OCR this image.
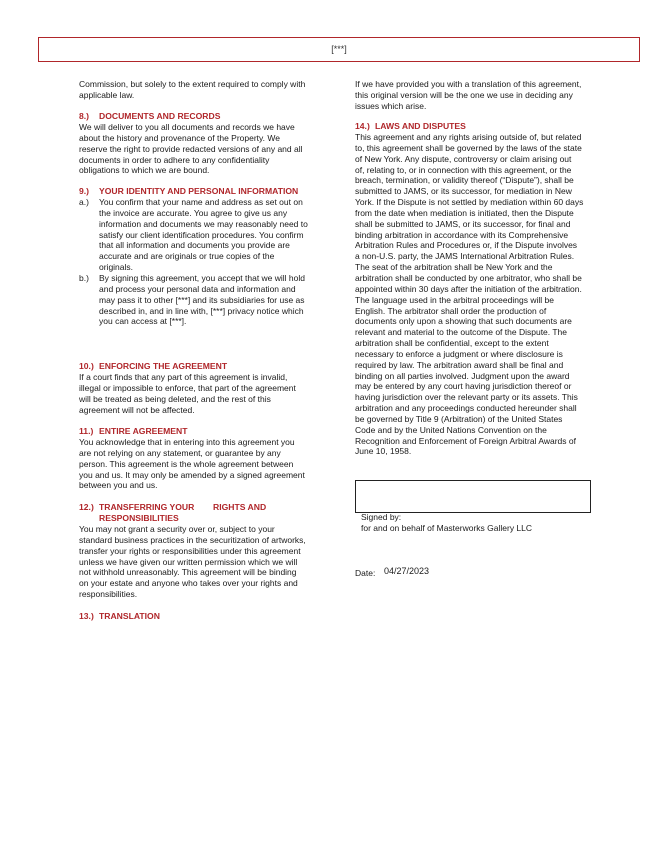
[***]
Commission, but solely to the extent required to comply with
applicable law.
8.) DOCUMENTS AND RECORDS
We will deliver to you all documents and records we have
about the history and provenance of the Property. We
reserve the right to provide redacted versions of any and all
documents in order to adhere to any confidentiality
obligations to which we are bound.
9.) YOUR IDENTITY AND PERSONAL INFORMATION
a.) You confirm that your name and address as set out on
the invoice are accurate. You agree to give us any
information and documents we may reasonably need to
satisfy our client identification procedures. You confirm
that all information and documents you provide are
accurate and are originals or true copies of the
originals.
b.) By signing this agreement, you accept that we will hold
and process your personal data and information and
may pass it to other [***] and its subsidiaries for use as
described in, and in line with, [***] privacy notice which
you can access at [***].
10.) ENFORCING THE AGREEMENT
If a court finds that any part of this agreement is invalid,
illegal or impossible to enforce, that part of the agreement
will be treated as being deleted, and the rest of this
agreement will not be affected.
11.) ENTIRE AGREEMENT
You acknowledge that in entering into this agreement you
are not relying on any statement, or guarantee by any
person. This agreement is the whole agreement between
you and us. It may only be amended by a signed agreement
between you and us.
12.) TRANSFERRING YOUR RIGHTS AND
RESPONSIBILITIES
You may not grant a security over or, subject to your
standard business practices in the securitization of artworks,
transfer your rights or responsibilities under this agreement
unless we have given our written permission which we will
not withhold unreasonably. This agreement will be binding
on your estate and anyone who takes over your rights and
responsibilities.
13.) TRANSLATION
If we have provided you with a translation of this agreement,
this original version will be the one we use in deciding any
issues which arise.
14.) LAWS AND DISPUTES
This agreement and any rights arising outside of, but related
to, this agreement shall be governed by the laws of the state
of New York. Any dispute, controversy or claim arising out
of, relating to, or in connection with this agreement, or the
breach, termination, or validity thereof (“Dispute”), shall be
submitted to JAMS, or its successor, for mediation in New
York. If the Dispute is not settled by mediation within 60 days
from the date when mediation is initiated, then the Dispute
shall be submitted to JAMS, or its successor, for final and
binding arbitration in accordance with its Comprehensive
Arbitration Rules and Procedures or, if the Dispute involves
a non-U.S. party, the JAMS International Arbitration Rules.
The seat of the arbitration shall be New York and the
arbitration shall be conducted by one arbitrator, who shall be
appointed within 30 days after the initiation of the arbitration.
The language used in the arbitral proceedings will be
English. The arbitrator shall order the production of
documents only upon a showing that such documents are
relevant and material to the outcome of the Dispute. The
arbitration shall be confidential, except to the extent
necessary to enforce a judgment or where disclosure is
required by law. The arbitration award shall be final and
binding on all parties involved. Judgment upon the award
may be entered by any court having jurisdiction thereof or
having jurisdiction over the relevant party or its assets. This
arbitration and any proceedings conducted hereunder shall
be governed by Title 9 (Arbitration) of the United States
Code and by the United Nations Convention on the
Recognition and Enforcement of Foreign Arbitral Awards of
June 10, 1958.
Signed by:
for and on behalf of Masterworks Gallery LLC
Date: 04/27/2023
